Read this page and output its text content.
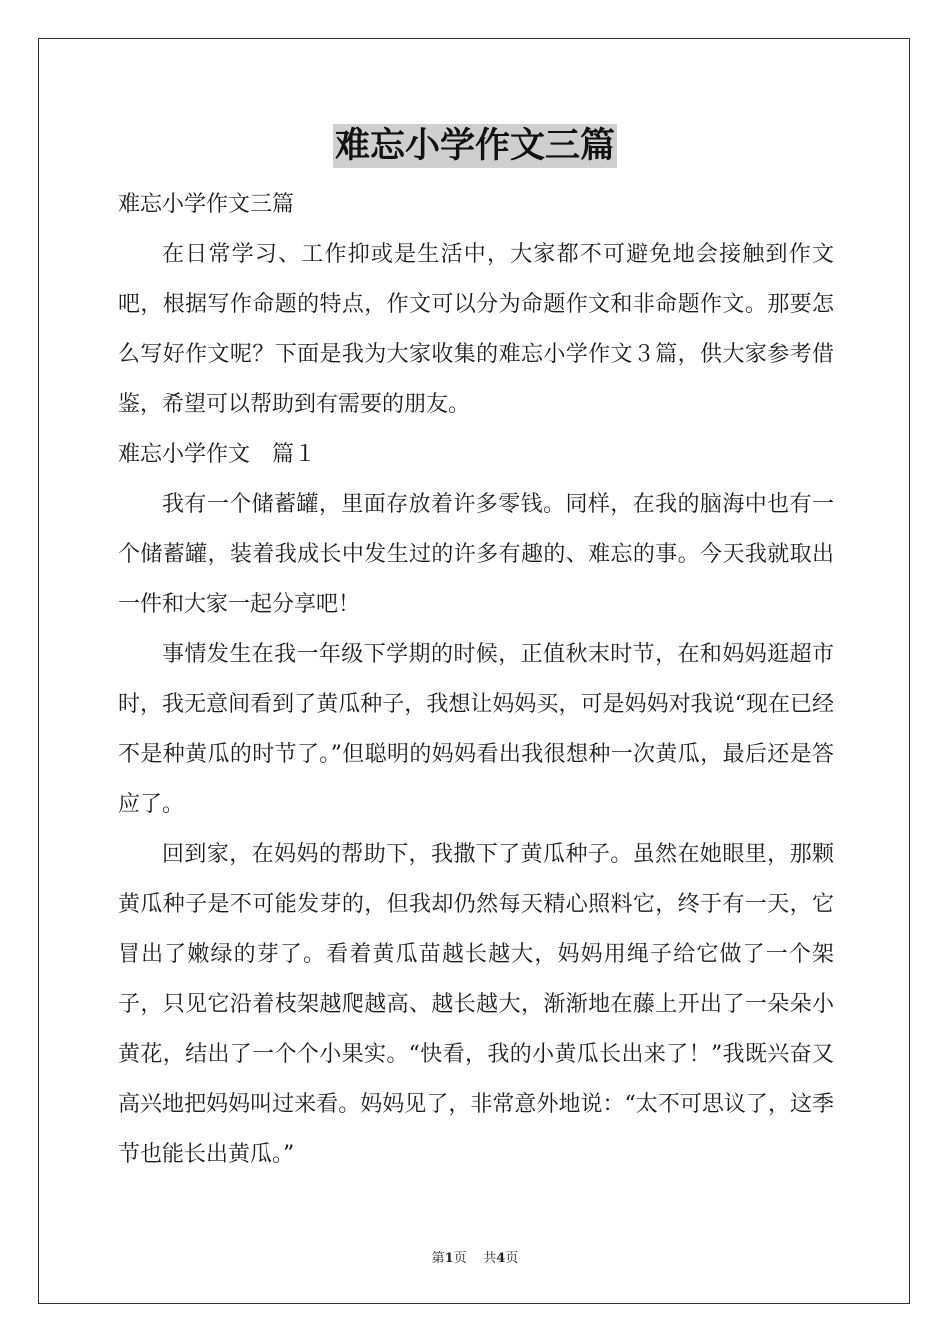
难忘小学作文三篇

难忘小学作文三篇

在日常学习、工作抑或是生活中，大家都不可避免地会接触到作文吧，根据写作命题的特点，作文可以分为命题作文和非命题作文。那要怎么写好作文呢？下面是我为大家收集的难忘小学作文３篇，供大家参考借鉴，希望可以帮助到有需要的朋友。

难忘小学作文　篇１

我有一个储蓄罐，里面存放着许多零钱。同样，在我的脑海中也有一个储蓄罐，装着我成长中发生过的许多有趣的、难忘的事。今天我就取出一件和大家一起分享吧！

事情发生在我一年级下学期的时候，正值秋末时节，在和妈妈逛超市时，我无意间看到了黄瓜种子，我想让妈妈买，可是妈妈对我说“现在已经不是种黄瓜的时节了。”但聪明的妈妈看出我很想种一次黄瓜，最后还是答应了。

回到家，在妈妈的帮助下，我撒下了黄瓜种子。虽然在她眼里，那颗黄瓜种子是不可能发芽的，但我却仍然每天精心照料它，终于有一天，它冒出了嫩绿的芽了。看着黄瓜苗越长越大，妈妈用绳子给它做了一个架子，只见它沿着枝架越爬越高、越长越大，渐渐地在藤上开出了一朵朵小黄花，结出了一个个小果实。“快看，我的小黄瓜长出来了！”我既兴奋又高兴地把妈妈叫过来看。妈妈见了，非常意外地说：“太不可思议了，这季节也能长出黄瓜。”

第1页 共4页
